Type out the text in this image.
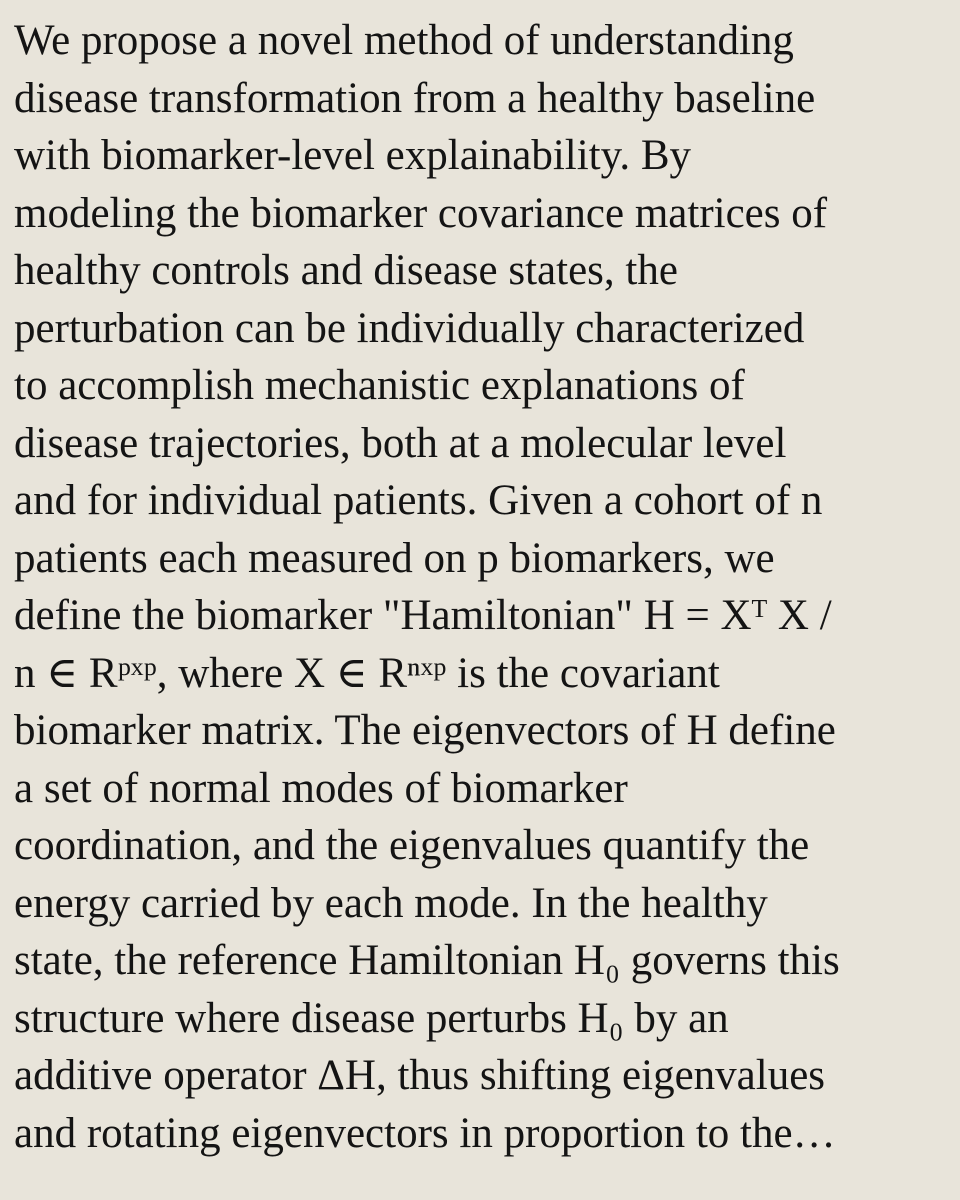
We propose a novel method of understanding
disease transformation from a healthy baseline
with biomarker-level explainability. By
modeling the biomarker covariance matrices of
healthy controls and disease states, the
perturbation can be individually characterized
to accomplish mechanistic explanations of
disease trajectories, both at a molecular level
and for individual patients. Given a cohort of n
patients each measured on p biomarkers, we
define the biomarker "Hamiltonian" H = Xᵀ X /
n ∈ Rᵖˣᵖ, where X ∈ Rⁿˣᵖ is the covariant
biomarker matrix. The eigenvectors of H define
a set of normal modes of biomarker
coordination, and the eigenvalues quantify the
energy carried by each mode. In the healthy
state, the reference Hamiltonian H₀ governs this
structure where disease perturbs H₀ by an
additive operator ΔH, thus shifting eigenvalues
and rotating eigenvectors in proportion to the…
